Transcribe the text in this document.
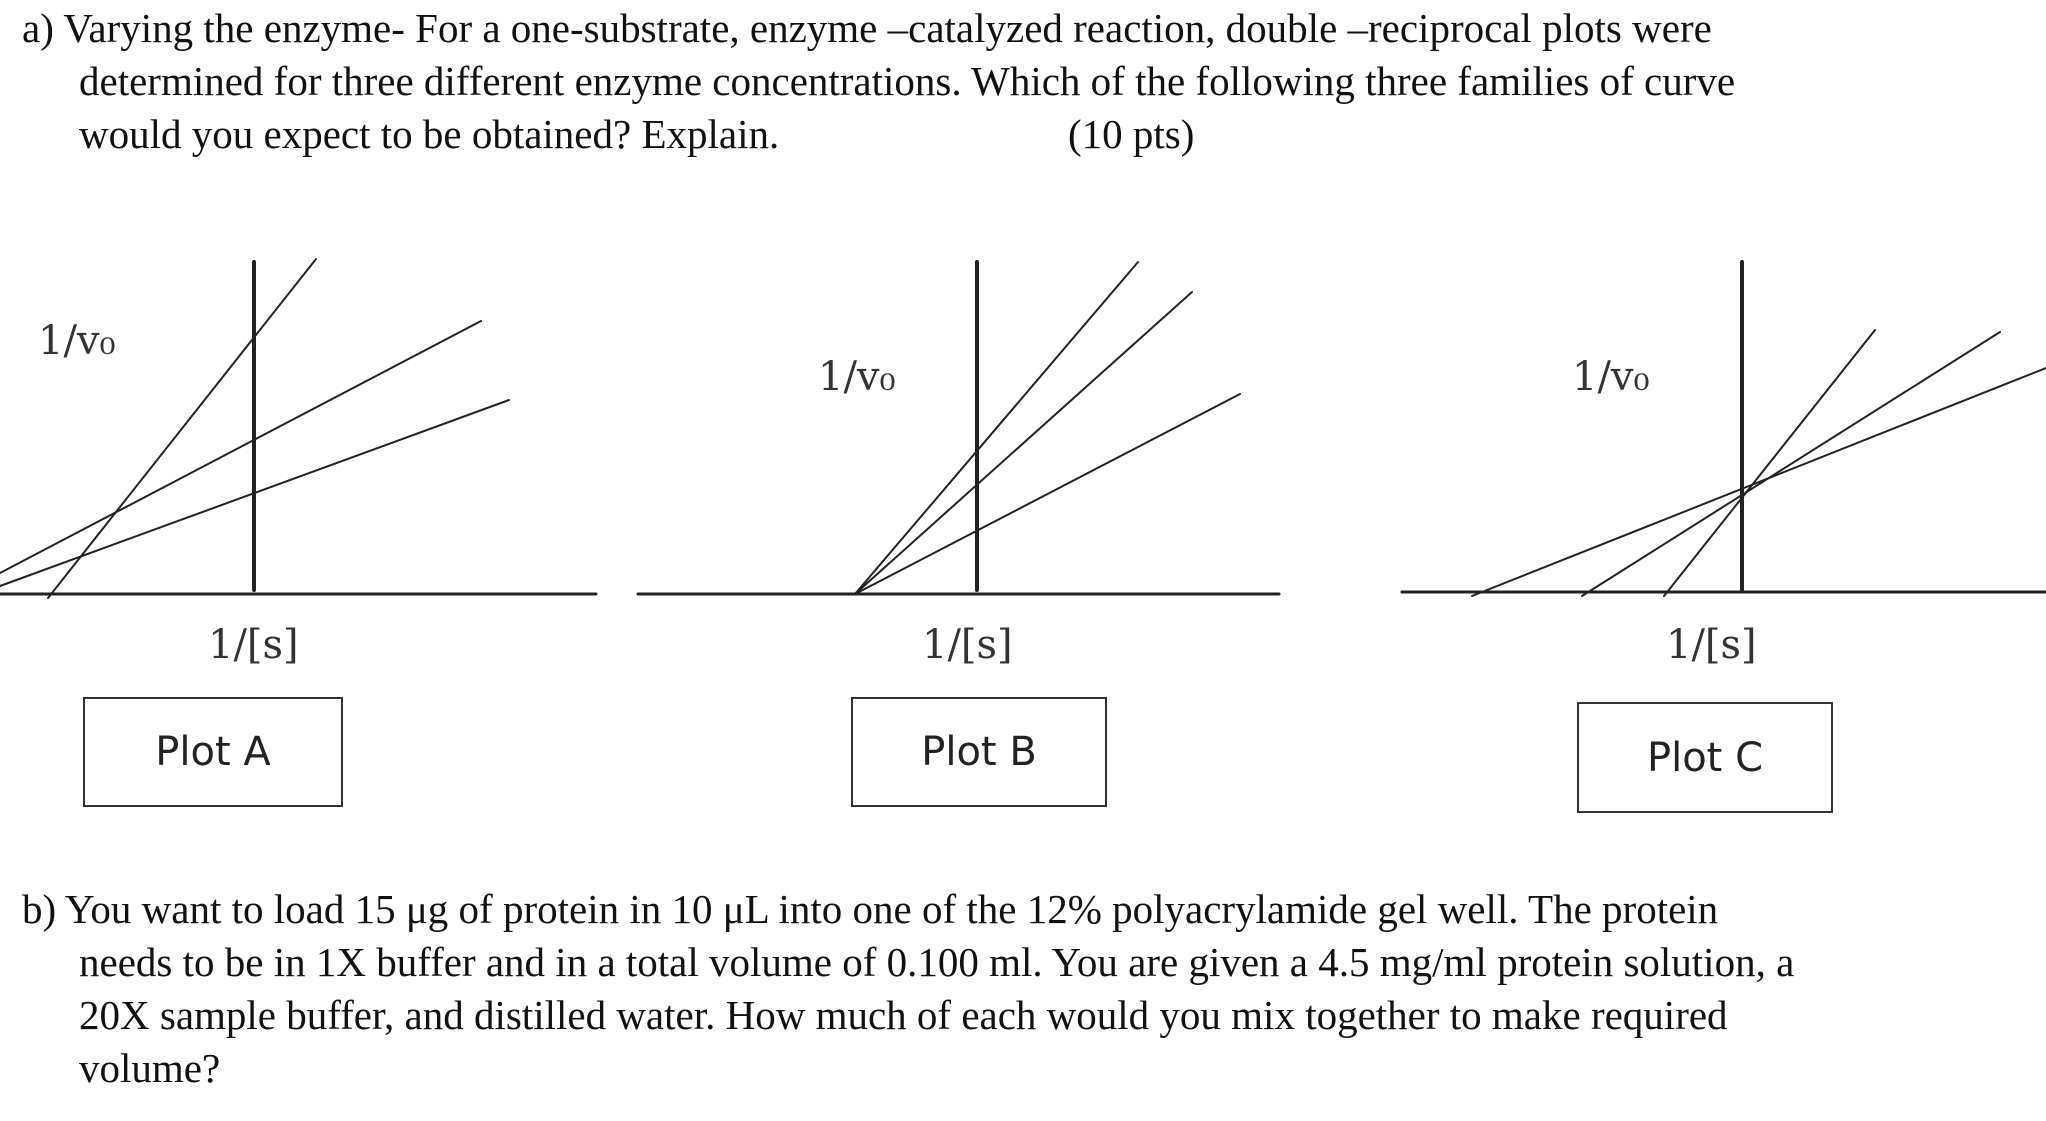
a) Varying the enzyme- For a one-substrate, enzyme –catalyzed reaction, double –reciprocal plots were
determined for three different enzyme concentrations. Which of the following three families of curve
would you expect to be obtained? Explain.	(10 pts)
1/v₀
1/[s]
1/v₀
1/[s]
1/v₀
1/[s]
Plot A	Plot B	Plot C
b) You want to load 15 μg of protein in 10 μL into one of the 12% polyacrylamide gel well. The protein
needs to be in 1X buffer and in a total volume of 0.100 ml. You are given a 4.5 mg/ml protein solution, a
20X sample buffer, and distilled water. How much of each would you mix together to make required
volume?
